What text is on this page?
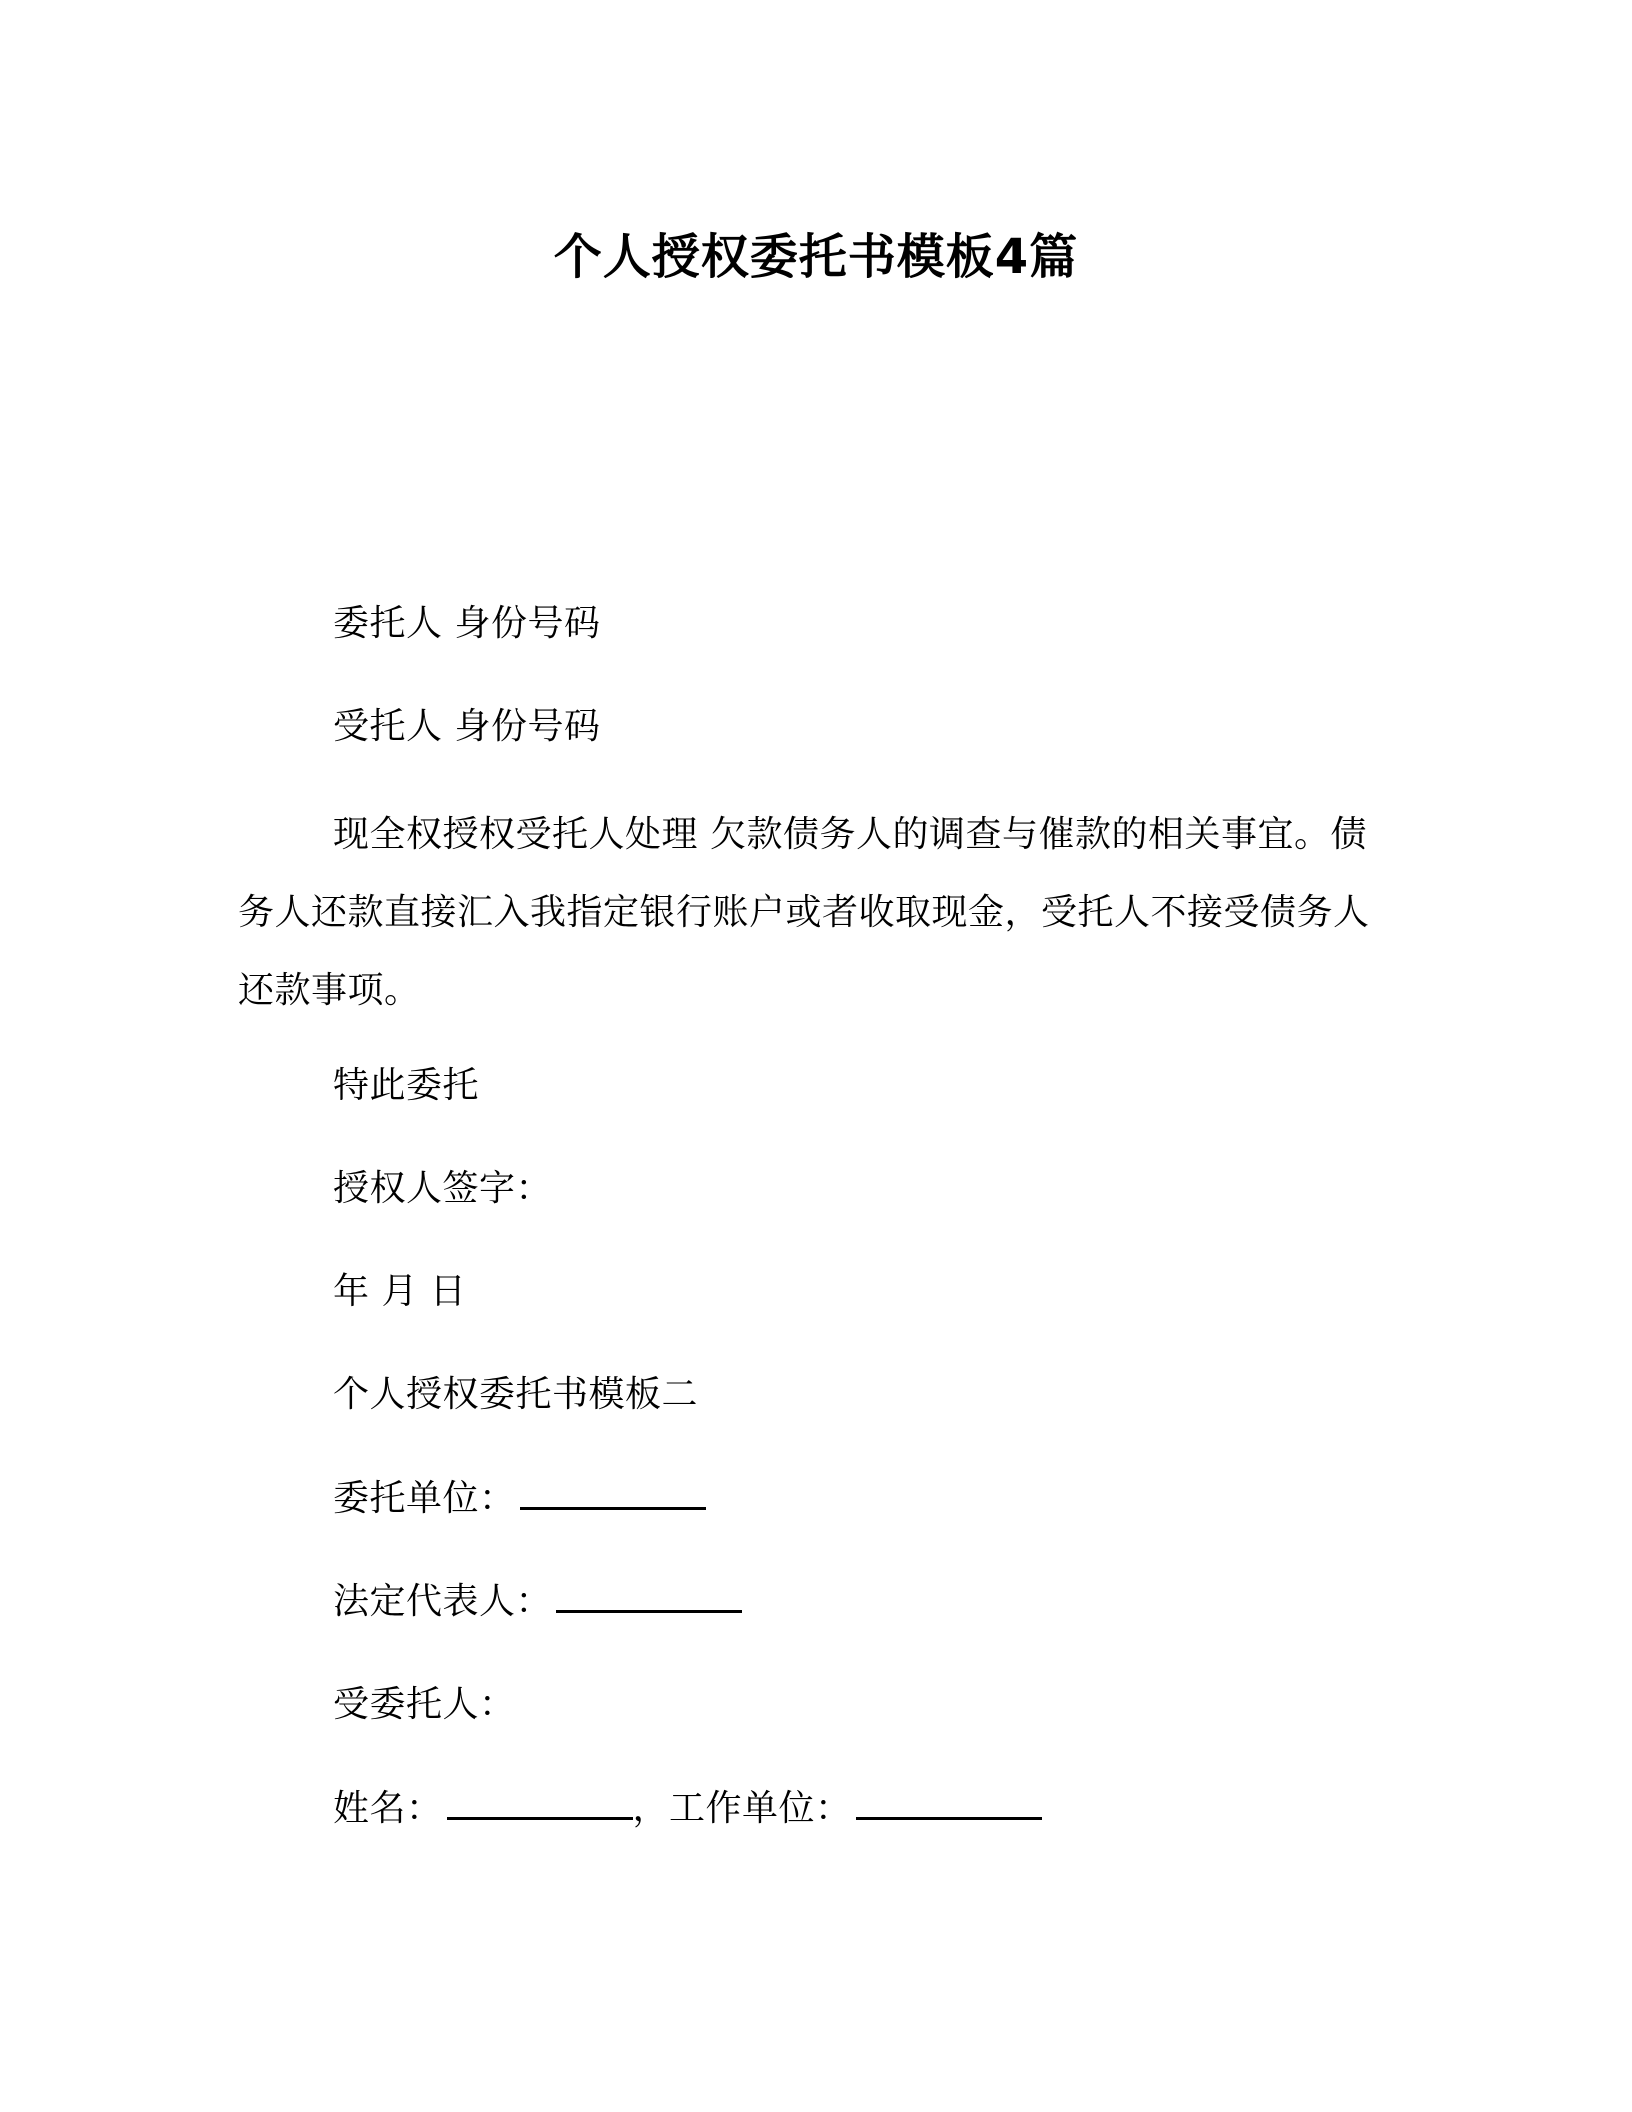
个人授权委托书模板4篇
委托人 身份号码
受托人 身份号码
现全权授权受托人处理 欠款债务人的调查与催款的相关事宜。债务人还款直接汇入我指定银行账户或者收取现金，受托人不接受债务人还款事项。
特此委托
授权人签字：
年 月 日
个人授权委托书模板二
委托单位：
法定代表人：
受委托人：
姓名：	，工作单位：
